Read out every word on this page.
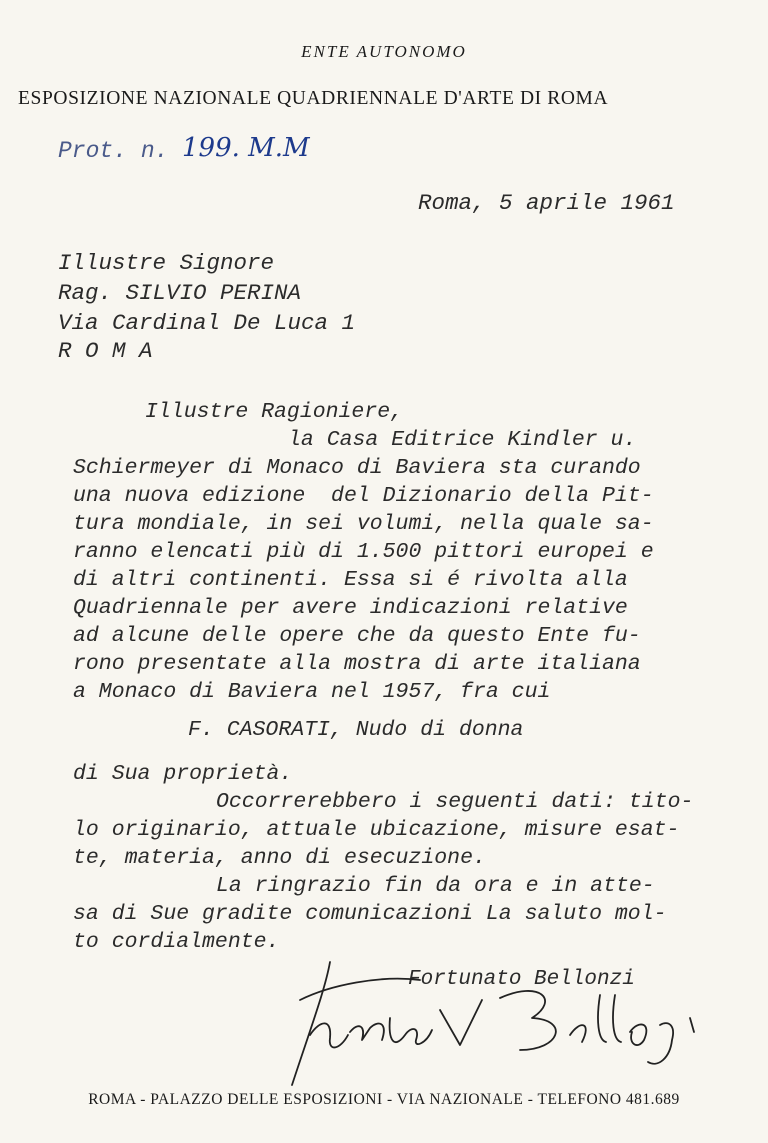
ENTE AUTONOMO
ESPOSIZIONE NAZIONALE QUADRIENNALE D'ARTE DI ROMA
Prot. n. 199. M.M
Roma, 5 aprile 1961
Illustre Signore
Rag. SILVIO PERINA
Via Cardinal De Luca 1
R O M A
Illustre Ragioniere,
la Casa Editrice Kindler u.
Schiermeyer di Monaco di Baviera sta curando
una nuova edizione  del Dizionario della Pit-
tura mondiale, in sei volumi, nella quale sa-
ranno elencati più di 1.500 pittori europei e
di altri continenti. Essa si é rivolta alla
Quadriennale per avere indicazioni relative
ad alcune delle opere che da questo Ente fu-
rono presentate alla mostra di arte italiana
a Monaco di Baviera nel 1957, fra cui
F. CASORATI, Nudo di donna
di Sua proprietà.
Occorrerebbero i seguenti dati: tito-
lo originario, attuale ubicazione, misure esat-
te, materia, anno di esecuzione.
La ringrazio fin da ora e in atte-
sa di Sue gradite comunicazioni La saluto mol-
to cordialmente.
Fortunato Bellonzi
ROMA - PALAZZO DELLE ESPOSIZIONI - VIA NAZIONALE - TELEFONO 481.689
